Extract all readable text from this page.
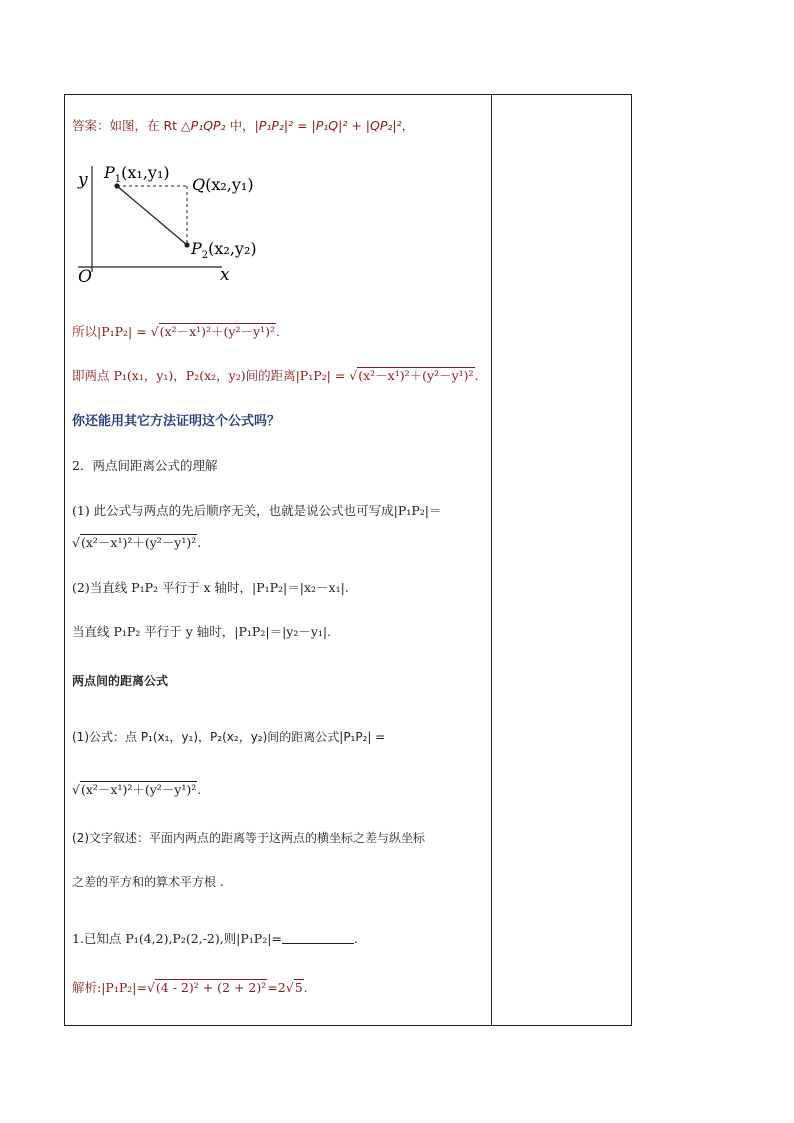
答案：如图，在 Rt △P₁QP₂ 中，|P₁P₂|² = |P₁Q|² + |QP₂|²，
y
x
O
$P_1(x_1,y_1)$
Q(x₂,y₁)
$P_2(x_2,y_2)$
所以|P₁P₂| = √(x²－x¹)²＋(y²－y¹)².
即两点 P₁(x₁，y₁)，P₂(x₂，y₂)间的距离|P₁P₂| = √(x²－x¹)²＋(y²－y¹)².
你还能用其它方法证明这个公式吗？
2．两点间距离公式的理解
(1) 此公式与两点的先后顺序无关，也就是说公式也可写成|P₁P₂|＝
√(x²－x¹)²＋(y²－y¹)².
(2)当直线 P₁P₂ 平行于 x 轴时，|P₁P₂|＝|x₂－x₁|.
当直线 P₁P₂ 平行于 y 轴时，|P₁P₂|＝|y₂－y₁|.
两点间的距离公式
(1)公式：点 P₁(x₁，y₁)，P₂(x₂，y₂)间的距离公式|P₁P₂| =
√(x²－x¹)²＋(y²－y¹)².
(2)文字叙述：平面内两点的距离等于这两点的横坐标之差与纵坐标
之差的平方和的算术平方根 .
1.已知点 P₁(4,2),P₂(2,-2),则|P₁P₂|=	.
解析:|P₁P₂|=√(4 - 2)² + (2 + 2)²=2√5.
